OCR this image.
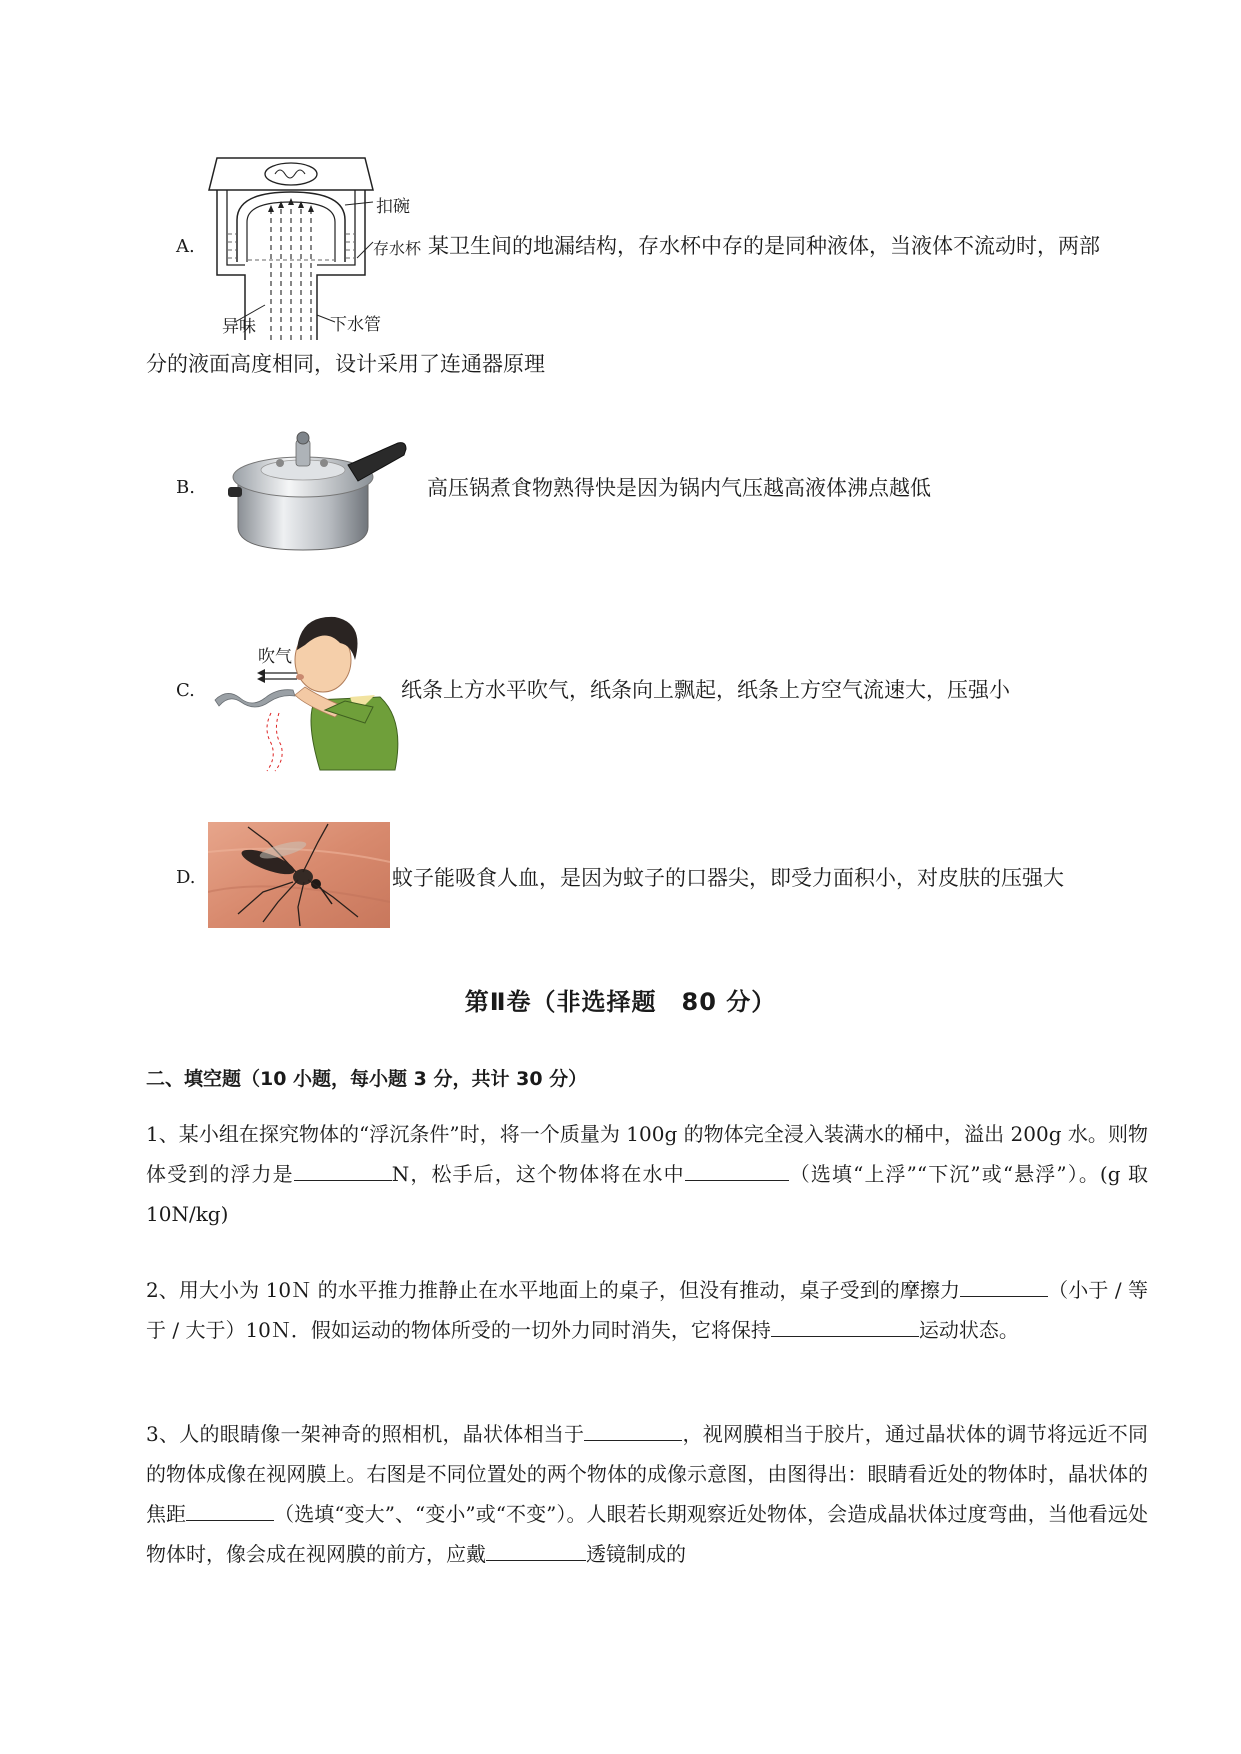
A.
扣碗
存水杯
异味	下水管
某卫生间的地漏结构，存水杯中存的是同种液体，当液体不流动时，两部
分的液面高度相同，设计采用了连通器原理
B.	高压锅煮食物熟得快是因为锅内气压越高液体沸点越低
C.
吹气
纸条上方水平吹气，纸条向上飘起，纸条上方空气流速大，压强小
D.	蚊子能吸食人血，是因为蚊子的口器尖，即受力面积小，对皮肤的压强大
第Ⅱ卷（非选择题　80 分）
二、填空题（10 小题，每小题 3 分，共计 30 分）
1、某小组在探究物体的“浮沉条件”时，将一个质量为 100g 的物体完全浸入装满水的桶中，溢出 200g 水。则物体受到的浮力是	N，松手后，这个物体将在水中	（选填“上浮”“下沉”或“悬浮”）。(g 取 10N/kg)
2、用大小为 10Ｎ 的水平推力推静止在水平地面上的桌子，但没有推动，桌子受到的摩擦力	（小于 / 等于 / 大于）10Ｎ．假如运动的物体所受的一切外力同时消失，它将保持	运动状态。
3、人的眼睛像一架神奇的照相机，晶状体相当于	，视网膜相当于胶片，通过晶状体的调节将远近不同的物体成像在视网膜上。右图是不同位置处的两个物体的成像示意图，由图得出：眼睛看近处的物体时，晶状体的焦距	（选填“变大”、“变小”或“不变”）。人眼若长期观察近处物体，会造成晶状体过度弯曲，当他看远处物体时，像会成在视网膜的前方，应戴	透镜制成的
